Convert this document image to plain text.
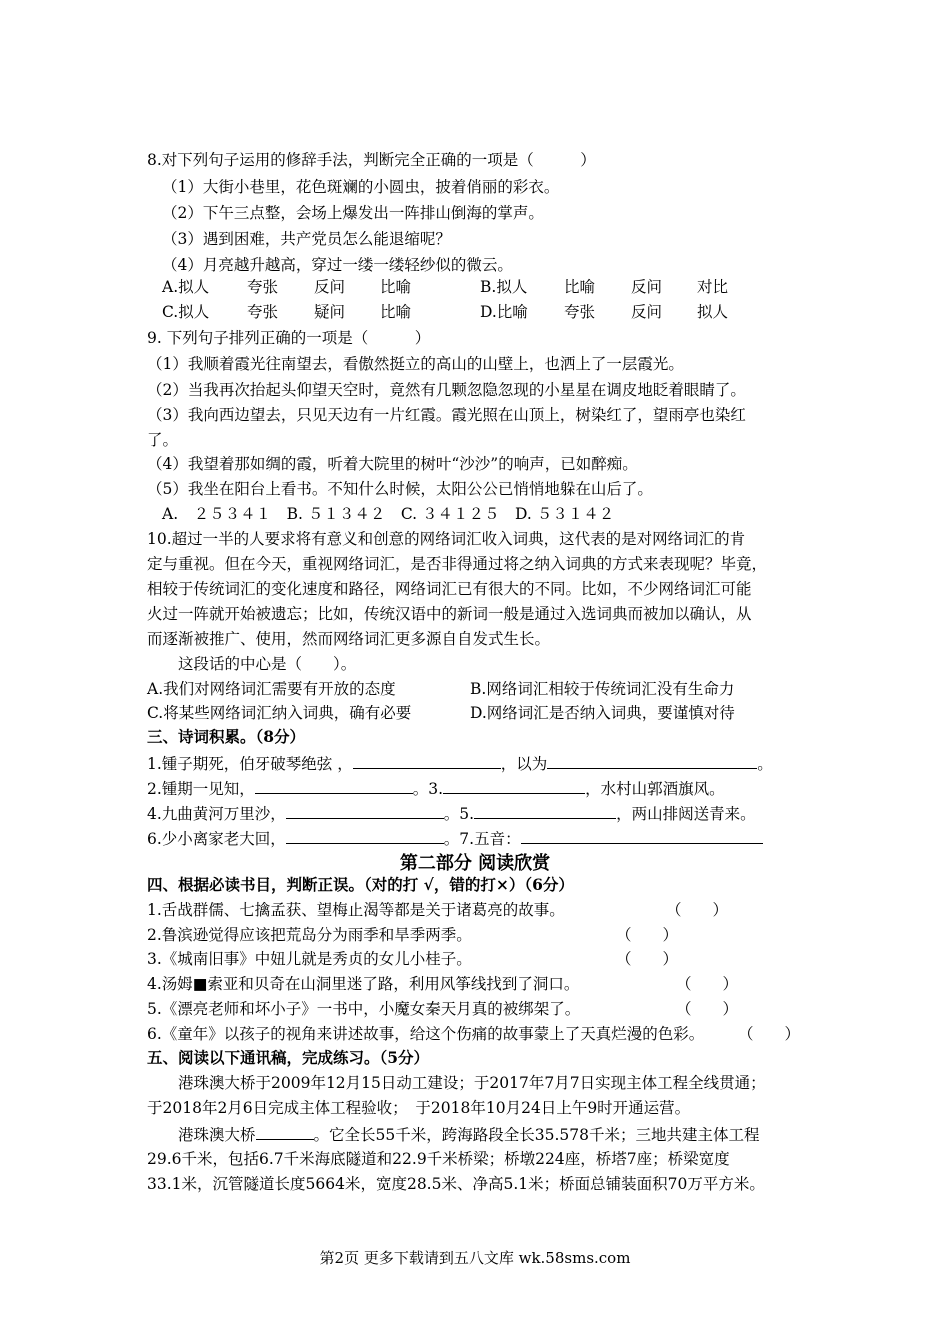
8.对下列句子运用的修辞手法，判断完全正确的一项是（　　　）
（1）大街小巷里，花色斑斓的小圆虫，披着俏丽的彩衣。
（2）下午三点整，会场上爆发出一阵排山倒海的掌声。
（3）遇到困难，共产党员怎么能退缩呢？
（4）月亮越升越高，穿过一缕一缕轻纱似的微云。
A.拟人 夸张 反问 比喻	B.拟人 比喻 反问 对比
C.拟人 夸张 疑问 比喻	D.比喻 夸张 反问 拟人
9. 下列句子排列正确的一项是（　　　）
（1）我顺着霞光往南望去，看傲然挺立的高山的山壁上，也洒上了一层霞光。
（2）当我再次抬起头仰望天空时，竟然有几颗忽隐忽现的小星星在调皮地眨着眼睛了。
（3）我向西边望去，只见天边有一片红霞。霞光照在山顶上，树染红了，望雨亭也染红
了。
（4）我望着那如绸的霞，听着大院里的树叶“沙沙”的响声，已如醉痴。
（5）我坐在阳台上看书。不知什么时候，太阳公公已悄悄地躲在山后了。
A.　２５３４１　B. ５１３４２　C. ３４１２５　D. ５３１４２
10.超过一半的人要求将有意义和创意的网络词汇收入词典，这代表的是对网络词汇的肯
定与重视。但在今天，重视网络词汇，是否非得通过将之纳入词典的方式来表现呢？毕竟，
相较于传统词汇的变化速度和路径，网络词汇已有很大的不同。比如，不少网络词汇可能
火过一阵就开始被遗忘；比如，传统汉语中的新词一般是通过入选词典而被加以确认，从
而逐渐被推广、使用，然而网络词汇更多源自自发式生长。
这段话的中心是（　　）。
A.我们对网络词汇需要有开放的态度	B.网络词汇相较于传统词汇没有生命力
C.将某些网络词汇纳入词典，确有必要	D.网络词汇是否纳入词典，要谨慎对待
三、诗词积累。（8分）
1.锺子期死，伯牙破琴绝弦 ，	，以为	。
2.锺期一见知，	。3.	，水村山郭酒旗风。
4.九曲黄河万里沙，	。5.	，两山排闼送青来。
6.少小离家老大回，	。7.五音：
第二部分 阅读欣赏
四、根据必读书目，判断正误。（对的打 √，错的打×）（6分）
1.舌战群儒、七擒孟获、望梅止渴等都是关于诸葛亮的故事。	（　　）
2.鲁滨逊觉得应该把荒岛分为雨季和旱季两季。	（　　）
3.《城南旧事》中妞儿就是秀贞的女儿小桂子。	（　　）
4.汤姆■索亚和贝奇在山洞里迷了路，利用风筝线找到了洞口。	（　　）
5.《漂亮老师和坏小子》一书中，小魔女秦天月真的被绑架了。	（　　）
6.《童年》以孩子的视角来讲述故事，给这个伤痛的故事蒙上了天真烂漫的色彩。 （　　）
五、阅读以下通讯稿，完成练习。（5分）
港珠澳大桥于2009年12月15日动工建设；于2017年7月7日实现主体工程全线贯通；
于2018年2月6日完成主体工程验收；　于2018年10月24日上午9时开通运营。
港珠澳大桥	。它全长55千米，跨海路段全长35.578千米；三地共建主体工程
29.6千米，包括6.7千米海底隧道和22.9千米桥梁；桥墩224座，桥塔7座；桥梁宽度
33.1米，沉管隧道长度5664米，宽度28.5米、净高5.1米；桥面总铺装面积70万平方米。
第2页 更多下载请到五八文库 wk.58sms.com
